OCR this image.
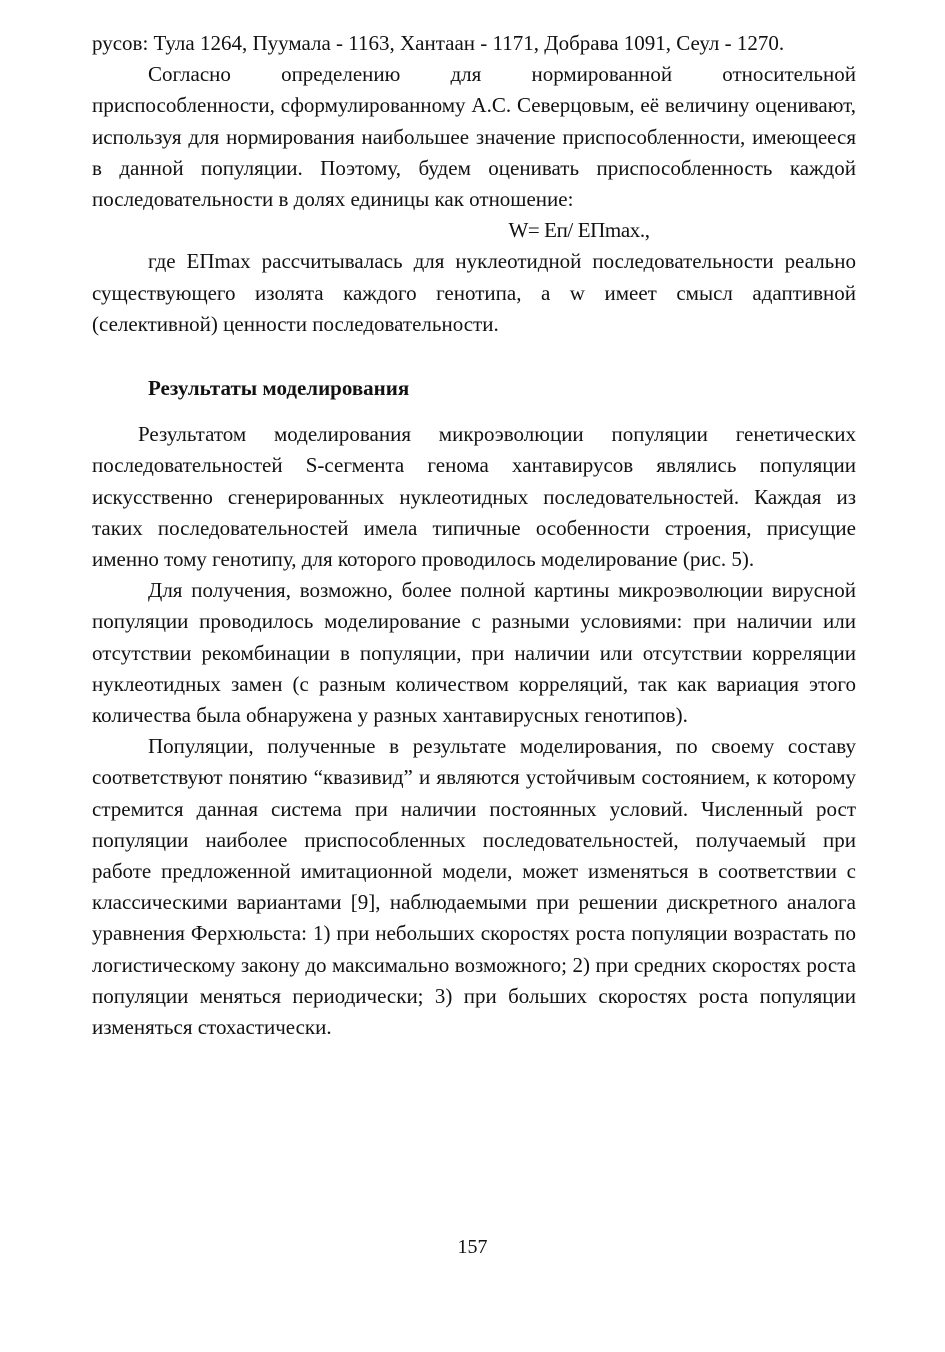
русов: Тула 1264, Пуумала - 1163, Хантаан - 1171, Добрава 1091, Сеул - 1270.

Согласно определению для нормированной относительной приспособленности, сформулированному А.С. Северцовым, её величину оценивают, используя для нормирования наибольшее значение приспособленности, имеющееся в данной популяции. Поэтому, будем оценивать приспособленность каждой последовательности в долях единицы как отношение:

W= Eп/ EПmax.,

где EПmax рассчитывалась для нуклеотидной последовательности реально существующего изолята каждого генотипа, а w имеет смысл адаптивной (селективной) ценности последовательности.

Результаты моделирования

Результатом моделирования микроэволюции популяции генетических последовательностей S-сегмента генома хантавирусов являлись популяции искусственно сгенерированных нуклеотидных последовательностей. Каждая из таких последовательностей имела типичные особенности строения, присущие именно тому генотипу, для которого проводилось моделирование (рис. 5).

Для получения, возможно, более полной картины микроэволюции вирусной популяции проводилось моделирование с разными условиями: при наличии или отсутствии рекомбинации в популяции, при наличии или отсутствии корреляции нуклеотидных замен (с разным количеством корреляций, так как вариация этого количества была обнаружена у разных хантавирусных генотипов).

Популяции, полученные в результате моделирования, по своему составу соответствуют понятию “квазивид” и являются устойчивым состоянием, к которому стремится данная система при наличии постоянных условий. Численный рост популяции наиболее приспособленных последовательностей, получаемый при работе предложенной имитационной модели, может изменяться в соответствии с классическими вариантами [9], наблюдаемыми при решении дискретного аналога уравнения Ферхюльста: 1) при небольших скоростях роста популяции возрастать по логистическому закону до максимально возможного; 2) при средних скоростях роста популяции меняться периодически; 3) при больших скоростях роста популяции изменяться стохастически.

157
